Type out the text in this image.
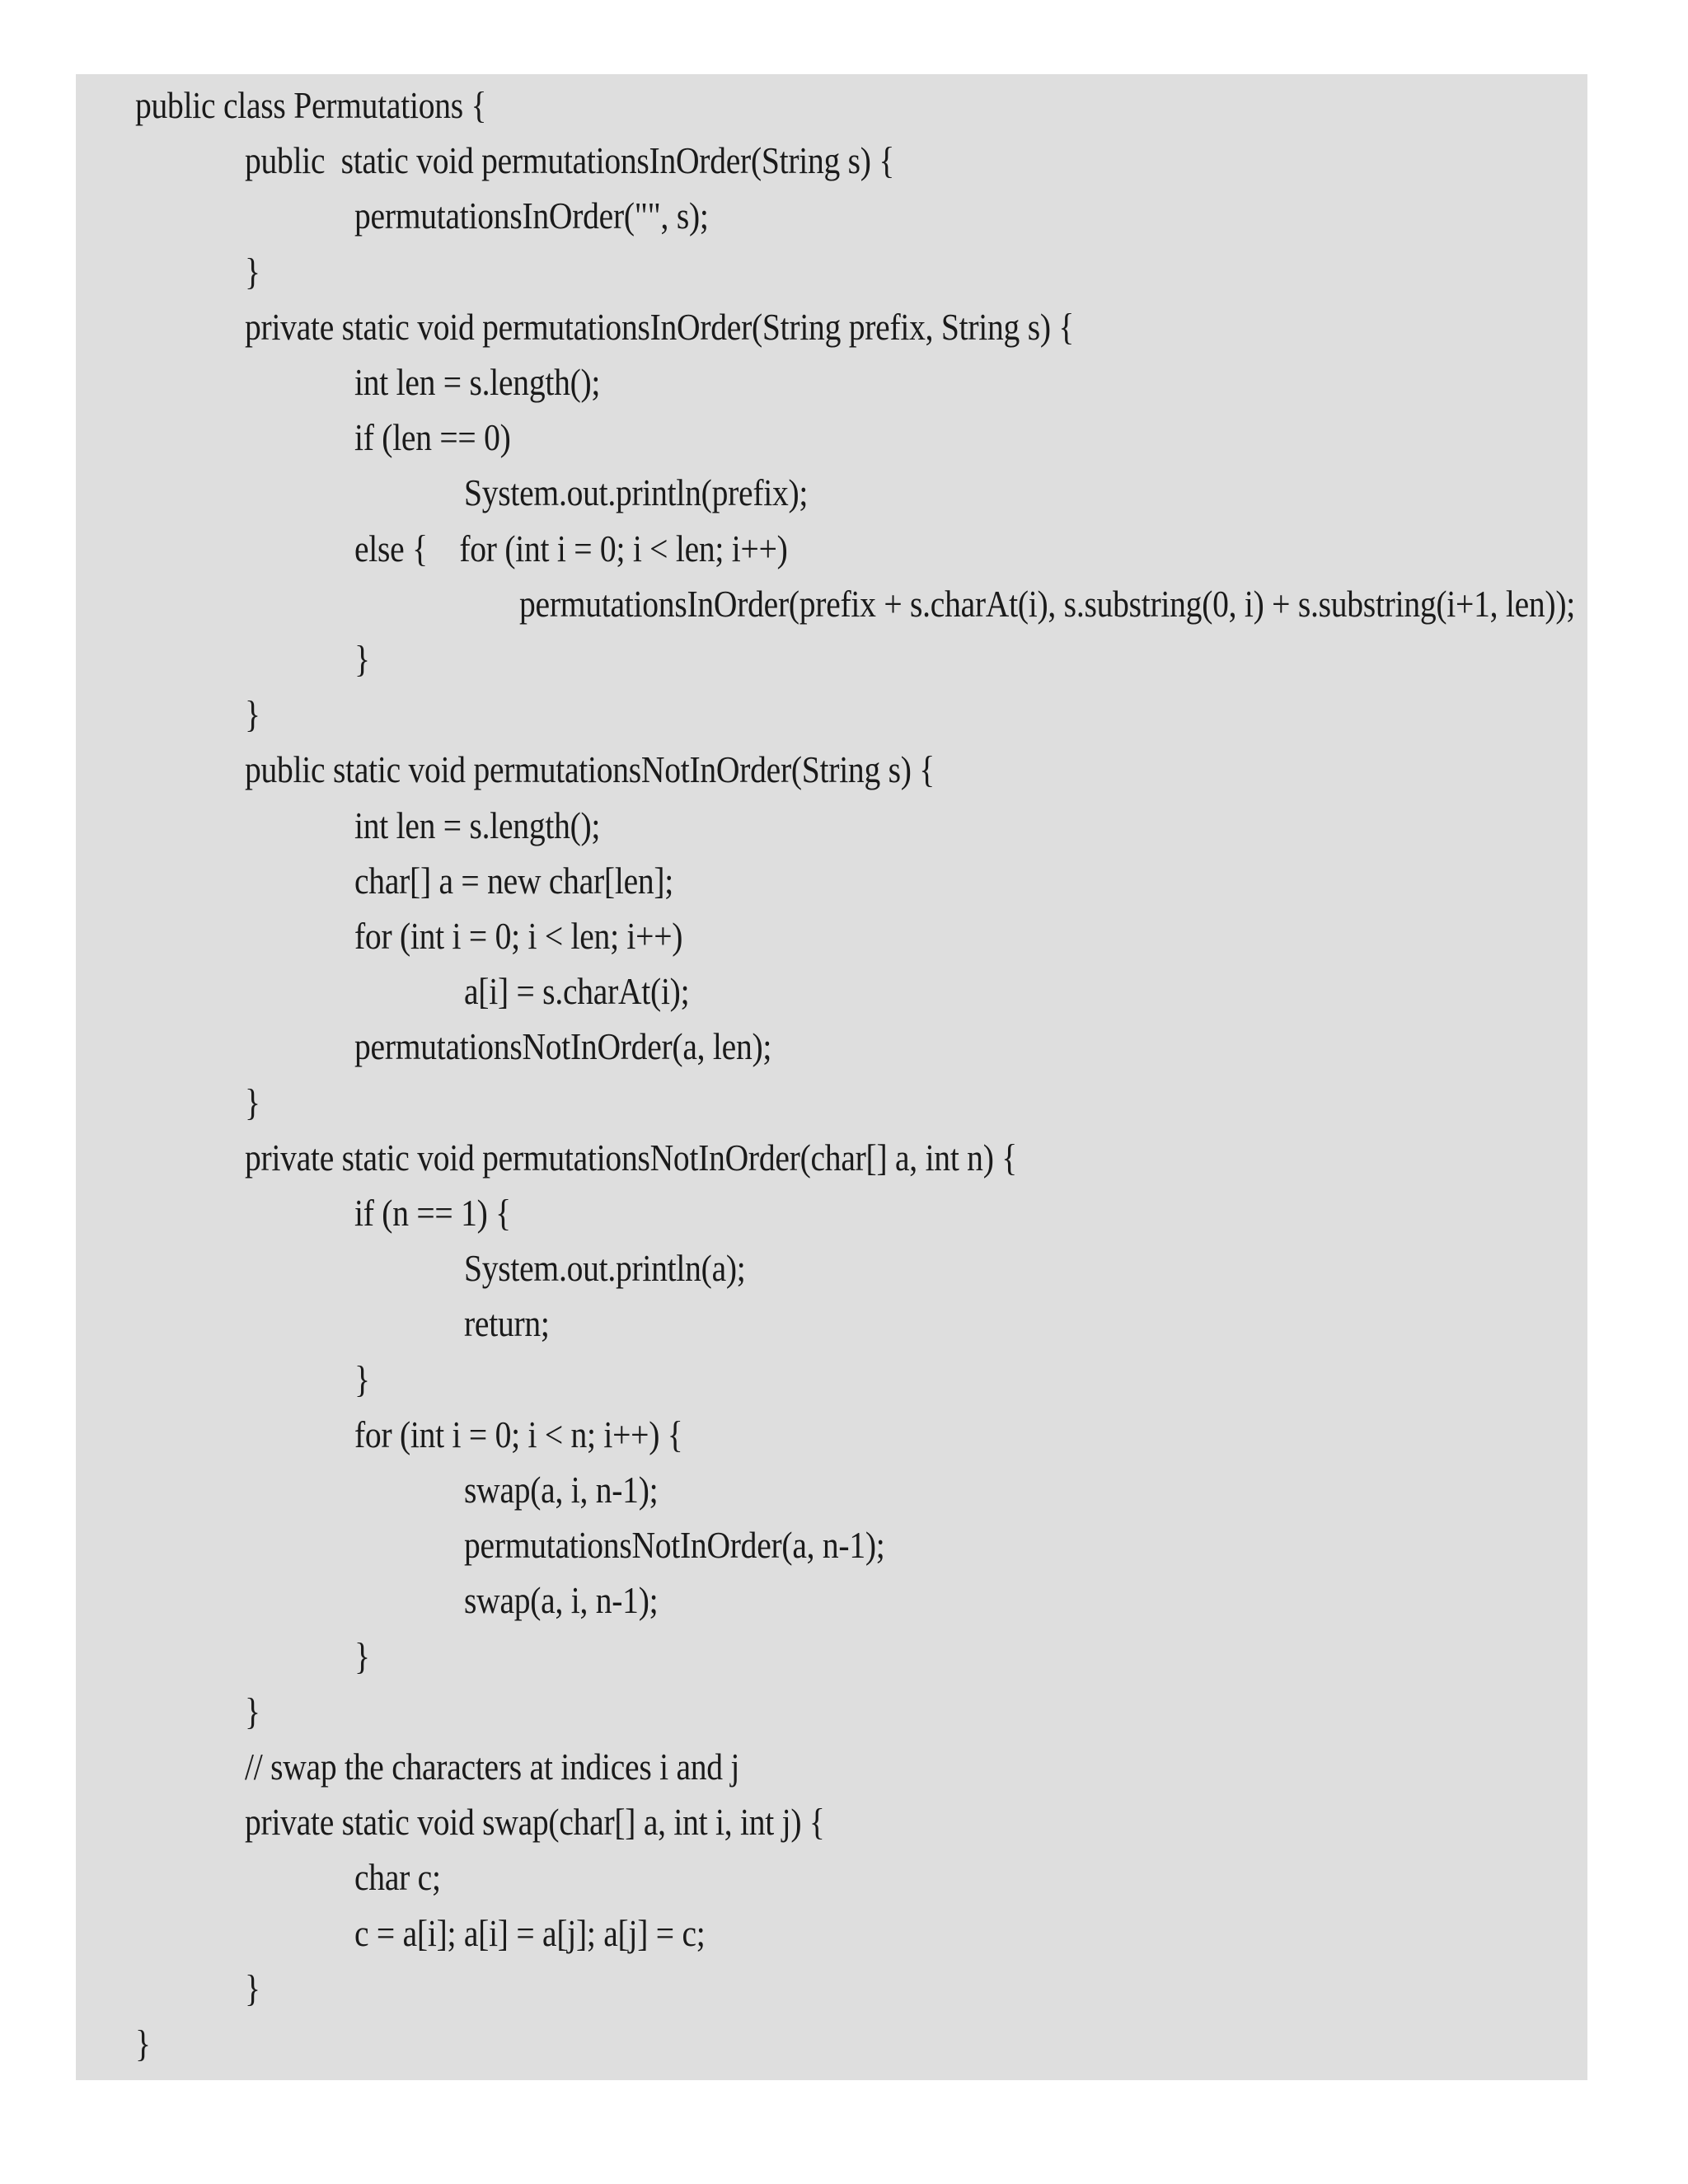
public class Permutations {
public  static void permutationsInOrder(String s) {
permutationsInOrder("", s);
}
private static void permutationsInOrder(String prefix, String s) {
int len = s.length();
if (len == 0)
System.out.println(prefix);
else {    for (int i = 0; i < len; i++)
permutationsInOrder(prefix + s.charAt(i), s.substring(0, i) + s.substring(i+1, len));
}
}
public static void permutationsNotInOrder(String s) {
int len = s.length();
char[] a = new char[len];
for (int i = 0; i < len; i++)
a[i] = s.charAt(i);
permutationsNotInOrder(a, len);
}
private static void permutationsNotInOrder(char[] a, int n) {
if (n == 1) {
System.out.println(a);
return;
}
for (int i = 0; i < n; i++) {
swap(a, i, n-1);
permutationsNotInOrder(a, n-1);
swap(a, i, n-1);
}
}
// swap the characters at indices i and j
private static void swap(char[] a, int i, int j) {
char c;
c = a[i]; a[i] = a[j]; a[j] = c;
}
}
